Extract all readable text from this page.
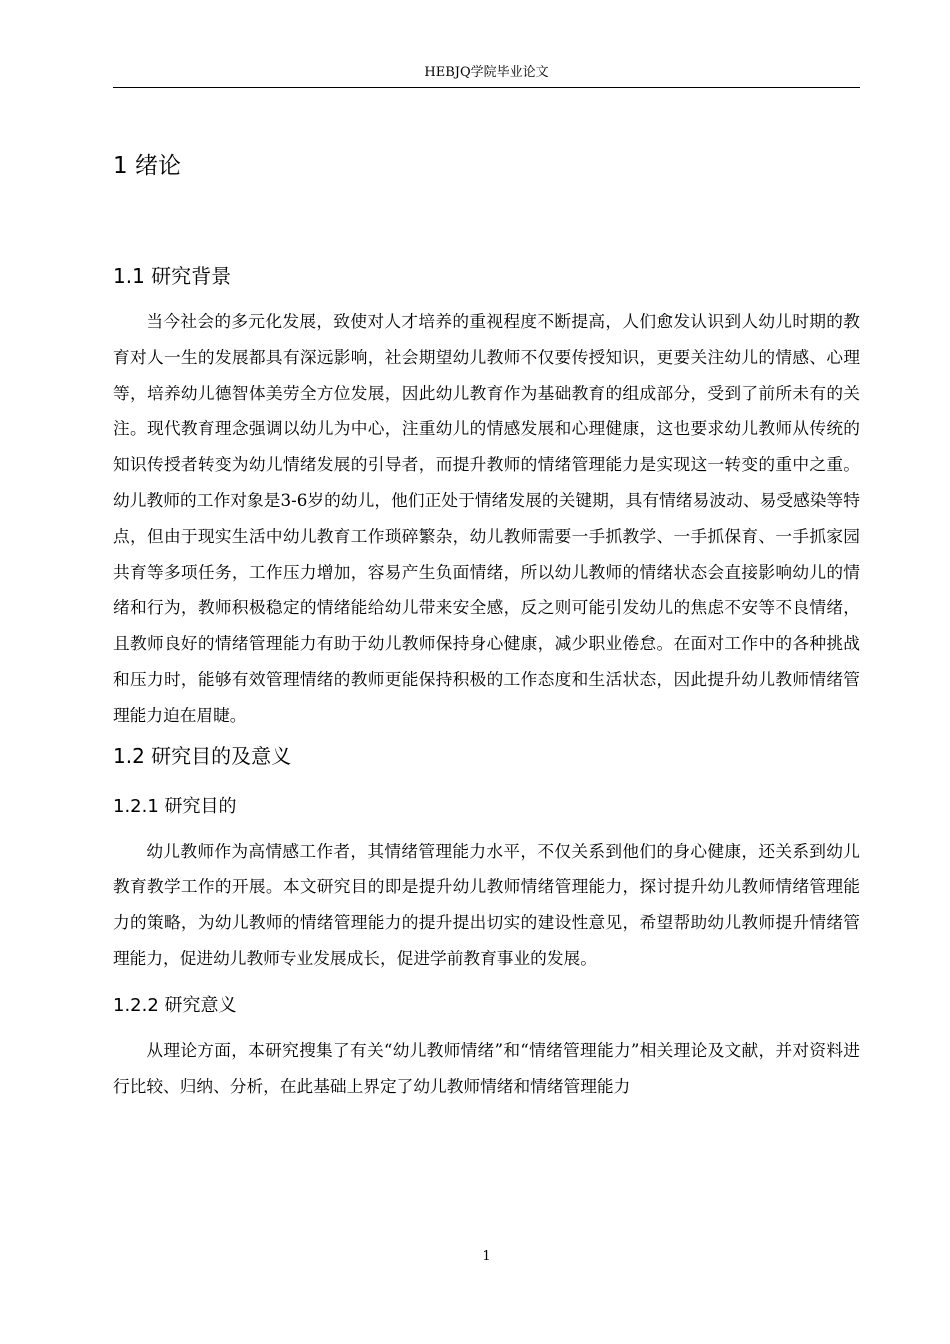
HEBJQ学院毕业论文
1 绪论
1.1 研究背景

当今社会的多元化发展，致使对人才培养的重视程度不断提高，人们愈发认识到人幼儿时期的教育对人一生的发展都具有深远影响，社会期望幼儿教师不仅要传授知识，更要关注幼儿的情感、心理等，培养幼儿德智体美劳全方位发展，因此幼儿教育作为基础教育的组成部分，受到了前所未有的关注。现代教育理念强调以幼儿为中心，注重幼儿的情感发展和心理健康，这也要求幼儿教师从传统的知识传授者转变为幼儿情绪发展的引导者，而提升教师的情绪管理能力是实现这一转变的重中之重。幼儿教师的工作对象是3-6岁的幼儿，他们正处于情绪发展的关键期，具有情绪易波动、易受感染等特点，但由于现实生活中幼儿教育工作琐碎繁杂，幼儿教师需要一手抓教学、一手抓保育、一手抓家园共育等多项任务，工作压力增加，容易产生负面情绪，所以幼儿教师的情绪状态会直接影响幼儿的情绪和行为，教师积极稳定的情绪能给幼儿带来安全感，反之则可能引发幼儿的焦虑不安等不良情绪，且教师良好的情绪管理能力有助于幼儿教师保持身心健康，减少职业倦怠。在面对工作中的各种挑战和压力时，能够有效管理情绪的教师更能保持积极的工作态度和生活状态，因此提升幼儿教师情绪管理能力迫在眉睫。

1.2 研究目的及意义
1.2.1 研究目的

幼儿教师作为高情感工作者，其情绪管理能力水平，不仅关系到他们的身心健康，还关系到幼儿教育教学工作的开展。本文研究目的即是提升幼儿教师情绪管理能力，探讨提升幼儿教师情绪管理能力的策略，为幼儿教师的情绪管理能力的提升提出切实的建设性意见，希望帮助幼儿教师提升情绪管理能力，促进幼儿教师专业发展成长，促进学前教育事业的发展。

1.2.2 研究意义

从理论方面，本研究搜集了有关“幼儿教师情绪”和“情绪管理能力”相关理论及文献，并对资料进行比较、归纳、分析，在此基础上界定了幼儿教师情绪和情绪管理能力

1
